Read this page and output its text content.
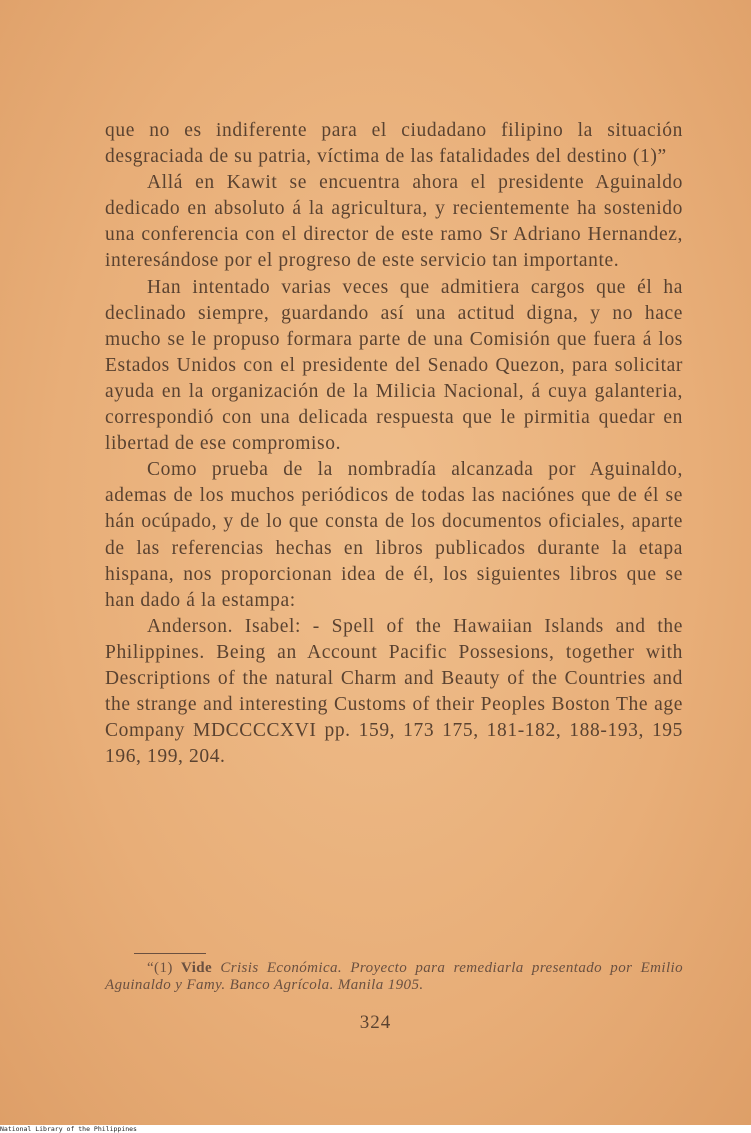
que no es indiferente para el ciudadano filipino la situación desgraciada de su patria, víctima de las fatalidades del destino (1)”

Allá en Kawit se encuentra ahora el presidente Aguinaldo dedicado en absoluto á la agricultura, y recientemente ha sostenido una conferencia con el director de este ramo Sr Adriano Hernandez, interesándose por el progreso de este servicio tan importante.

Han intentado varias veces que admitiera cargos que él ha declinado siempre, guardando así una actitud digna, y no hace mucho se le propuso formara parte de una Comisión que fuera á los Estados Unidos con el presidente del Senado Quezon, para solicitar ayuda en la organización de la Milicia Nacional, á cuya galanteria, correspondió con una delicada respuesta que le pirmitia quedar en libertad de ese compromiso.

Como prueba de la nombradía alcanzada por Aguinaldo, ademas de los muchos periódicos de todas las naciónes que de él se hán ocúpado, y de lo que consta de los documentos oficiales, aparte de las referencias hechas en libros publicados durante la etapa hispana, nos proporcionan idea de él, los siguientes libros que se han dado á la estampa:

Anderson. Isabel: - Spell of the Hawaiian Islands and the Philippines. Being an Account Pacific Possesions, together with Descriptions of the natural Charm and Beauty of the Countries and the strange and interesting Customs of their Peoples Boston The age Company MDCCCCXVI pp. 159, 173 175, 181-182, 188-193, 195 196, 199, 204.

“(1) Vide Crisis Económica. Proyecto para remediarla presentado por Emilio Aguinaldo y Famy. Banco Agrícola. Manila 1905.
324
National Library of the Philippines
